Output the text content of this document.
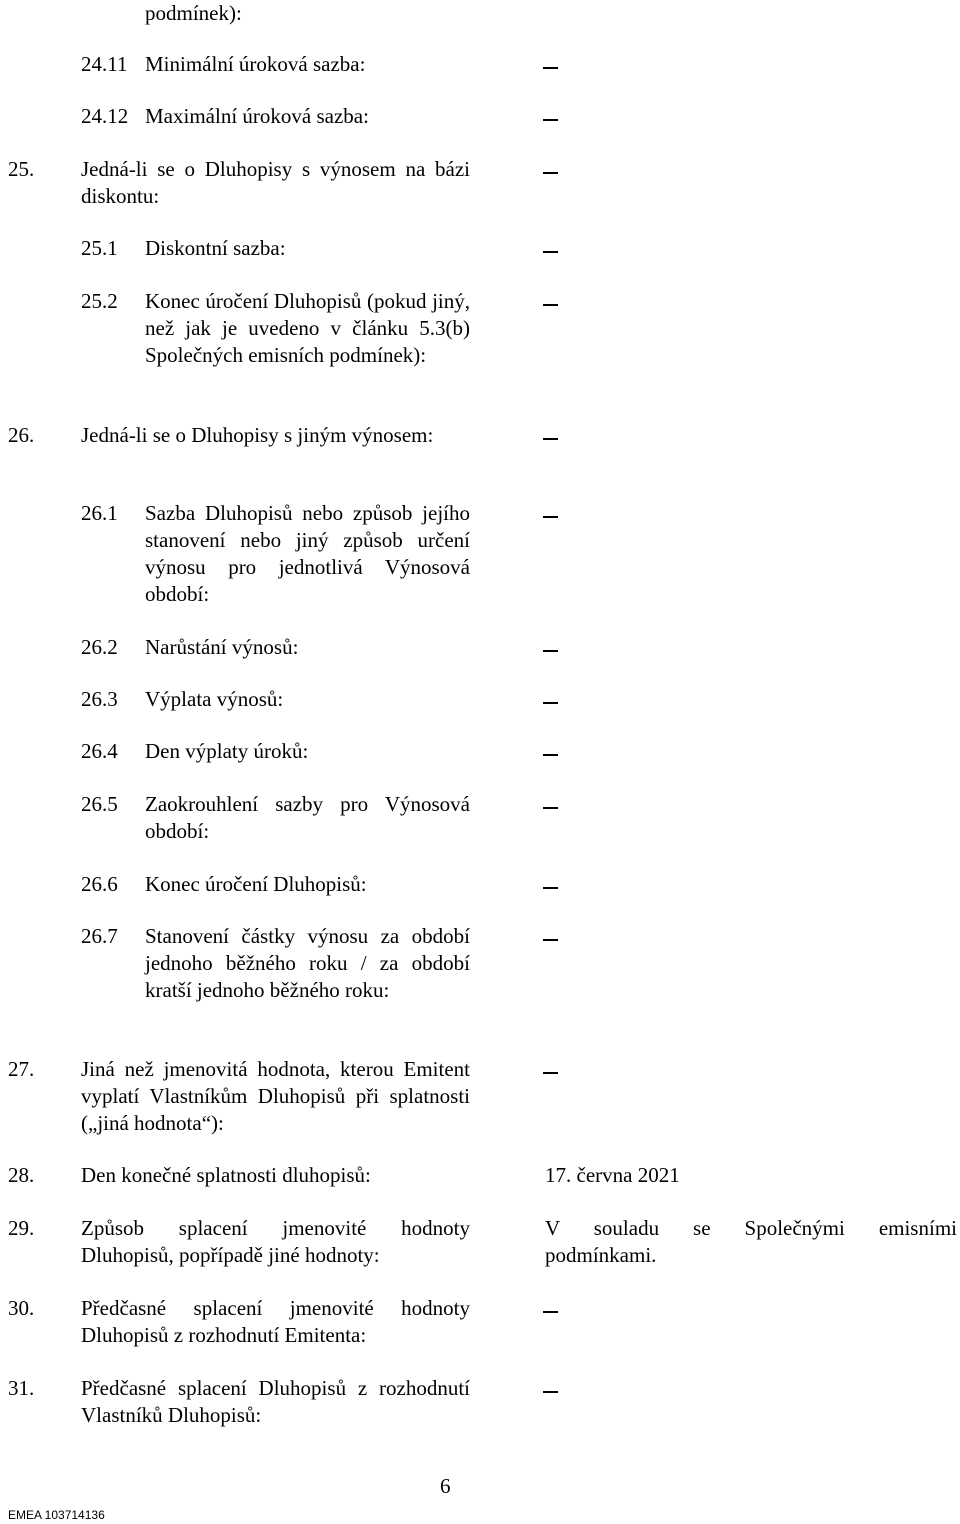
podmínek):
24.11 Minimální úroková sazba:
24.12 Maximální úroková sazba:
25. Jedná-li se o Dluhopisy s výnosem na bázi diskontu:
25.1 Diskontní sazba:
25.2 Konec úročení Dluhopisů (pokud jiný, než jak je uvedeno v článku 5.3(b) Společných emisních podmínek):
26. Jedná-li se o Dluhopisy s jiným výnosem:
26.1 Sazba Dluhopisů nebo způsob jejího stanovení nebo jiný způsob určení výnosu pro jednotlivá Výnosová období:
26.2 Narůstání výnosů:
26.3 Výplata výnosů:
26.4 Den výplaty úroků:
26.5 Zaokrouhlení sazby pro Výnosová období:
26.6 Konec úročení Dluhopisů:
26.7 Stanovení částky výnosu za období jednoho běžného roku / za období kratší jednoho běžného roku:
27. Jiná než jmenovitá hodnota, kterou Emitent vyplatí Vlastníkům Dluhopisů při splatnosti („jiná hodnota“):
28. Den konečné splatnosti dluhopisů:	17. června 2021
29. Způsob splacení jmenovité hodnoty Dluhopisů, popřípadě jiné hodnoty:
V souladu se Společnými emisními podmínkami.
30. Předčasné splacení jmenovité hodnoty Dluhopisů z rozhodnutí Emitenta:
31. Předčasné splacení Dluhopisů z rozhodnutí Vlastníků Dluhopisů:
6
EMEA 103714136
